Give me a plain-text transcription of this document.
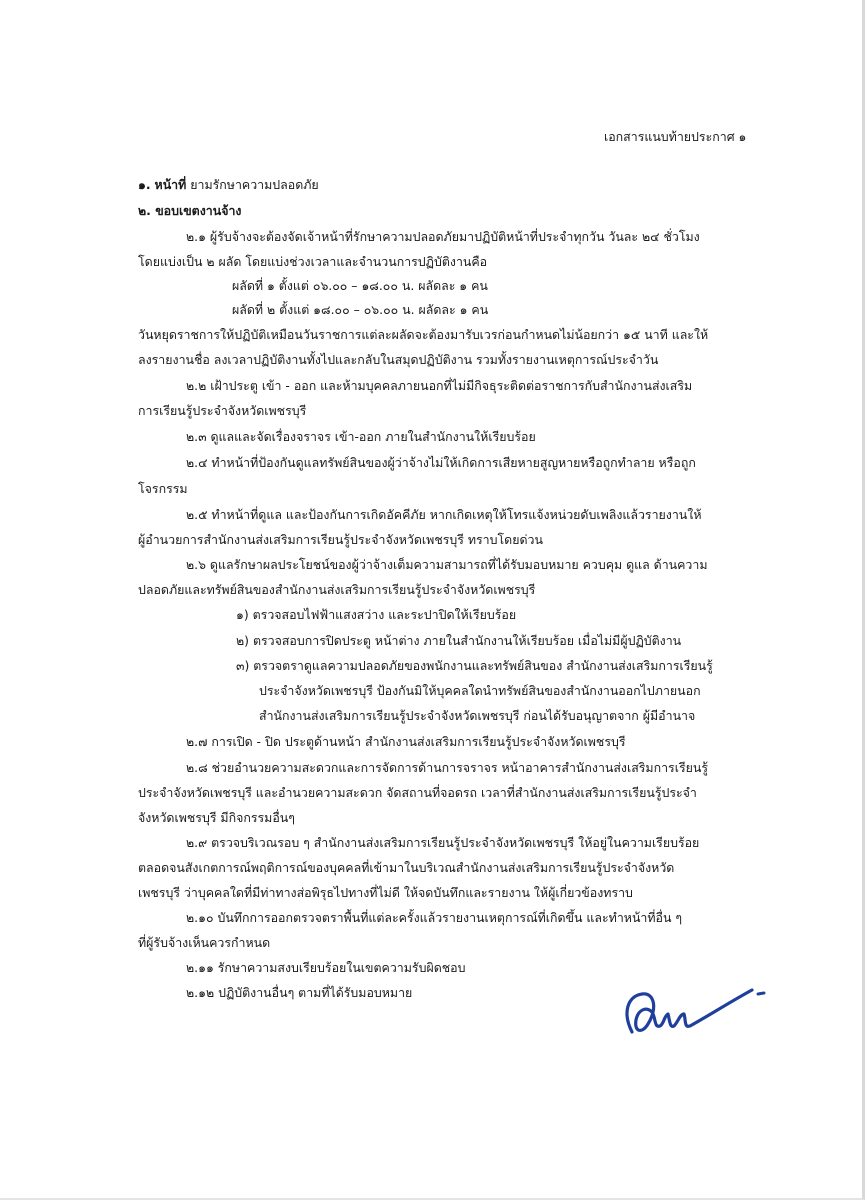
เอกสารแนบท้ายประกาศ ๑
๑. หน้าที่ ยามรักษาความปลอดภัย
๒. ขอบเขตงานจ้าง
๒.๑ ผู้รับจ้างจะต้องจัดเจ้าหน้าที่รักษาความปลอดภัยมาปฏิบัติหน้าที่ประจำทุกวัน วันละ ๒๔ ชั่วโมง
โดยแบ่งเป็น ๒ ผลัด โดยแบ่งช่วงเวลาและจำนวนการปฏิบัติงานคือ
ผลัดที่ ๑ ตั้งแต่ ๐๖.๐๐ – ๑๘.๐๐ น. ผลัดละ ๑ คน
ผลัดที่ ๒ ตั้งแต่ ๑๘.๐๐ – ๐๖.๐๐ น. ผลัดละ ๑ คน
วันหยุดราชการให้ปฏิบัติเหมือนวันราชการแต่ละผลัดจะต้องมารับเวรก่อนกำหนดไม่น้อยกว่า ๑๕ นาที และให้
ลงรายงานชื่อ ลงเวลาปฏิบัติงานทั้งไปและกลับในสมุดปฏิบัติงาน รวมทั้งรายงานเหตุการณ์ประจำวัน
๒.๒ เฝ้าประตู เข้า - ออก และห้ามบุคคลภายนอกที่ไม่มีกิจธุระติดต่อราชการกับสำนักงานส่งเสริม
การเรียนรู้ประจำจังหวัดเพชรบุรี
๒.๓ ดูแลและจัดเรื่องจราจร เข้า-ออก ภายในสำนักงานให้เรียบร้อย
๒.๔ ทำหน้าที่ป้องกันดูแลทรัพย์สินของผู้ว่าจ้างไม่ให้เกิดการเสียหายสูญหายหรือถูกทำลาย หรือถูก
โจรกรรม
๒.๕ ทำหน้าที่ดูแล และป้องกันการเกิดอัคคีภัย หากเกิดเหตุให้โทรแจ้งหน่วยดับเพลิงแล้วรายงานให้
ผู้อำนวยการสำนักงานส่งเสริมการเรียนรู้ประจำจังหวัดเพชรบุรี ทราบโดยด่วน
๒.๖ ดูแลรักษาผลประโยชน์ของผู้ว่าจ้างเต็มความสามารถที่ได้รับมอบหมาย ควบคุม ดูแล ด้านความ
ปลอดภัยและทรัพย์สินของสำนักงานส่งเสริมการเรียนรู้ประจำจังหวัดเพชรบุรี
๑) ตรวจสอบไฟฟ้าแสงสว่าง และระปาปิดให้เรียบร้อย
๒) ตรวจสอบการปิดประตู หน้าต่าง ภายในสำนักงานให้เรียบร้อย เมื่อไม่มีผู้ปฏิบัติงาน
๓) ตรวจตราดูแลความปลอดภัยของพนักงานและทรัพย์สินของ สำนักงานส่งเสริมการเรียนรู้
ประจำจังหวัดเพชรบุรี ป้องกันมิให้บุคคลใดนำทรัพย์สินของสำนักงานออกไปภายนอก
สำนักงานส่งเสริมการเรียนรู้ประจำจังหวัดเพชรบุรี ก่อนได้รับอนุญาตจาก ผู้มีอำนาจ
๒.๗ การเปิด - ปิด ประตูด้านหน้า สำนักงานส่งเสริมการเรียนรู้ประจำจังหวัดเพชรบุรี
๒.๘ ช่วยอำนวยความสะดวกและการจัดการด้านการจราจร หน้าอาคารสำนักงานส่งเสริมการเรียนรู้
ประจำจังหวัดเพชรบุรี และอำนวยความสะดวก จัดสถานที่จอดรถ เวลาที่สำนักงานส่งเสริมการเรียนรู้ประจำ
จังหวัดเพชรบุรี มีกิจกรรมอื่นๆ
๒.๙ ตรวจบริเวณรอบ ๆ สำนักงานส่งเสริมการเรียนรู้ประจำจังหวัดเพชรบุรี ให้อยู่ในความเรียบร้อย
ตลอดจนสังเกตการณ์พฤติการณ์ของบุคคลที่เข้ามาในบริเวณสำนักงานส่งเสริมการเรียนรู้ประจำจังหวัด
เพชรบุรี ว่าบุคคลใดที่มีท่าทางส่อพิรุธไปทางที่ไม่ดี ให้จดบันทึกและรายงาน ให้ผู้เกี่ยวข้องทราบ
๒.๑๐ บันทึกการออกตรวจตราพื้นที่แต่ละครั้งแล้วรายงานเหตุการณ์ที่เกิดขึ้น และทำหน้าที่อื่น ๆ
ที่ผู้รับจ้างเห็นควรกำหนด
๒.๑๑ รักษาความสงบเรียบร้อยในเขตความรับผิดชอบ
๒.๑๒ ปฏิบัติงานอื่นๆ ตามที่ได้รับมอบหมาย
